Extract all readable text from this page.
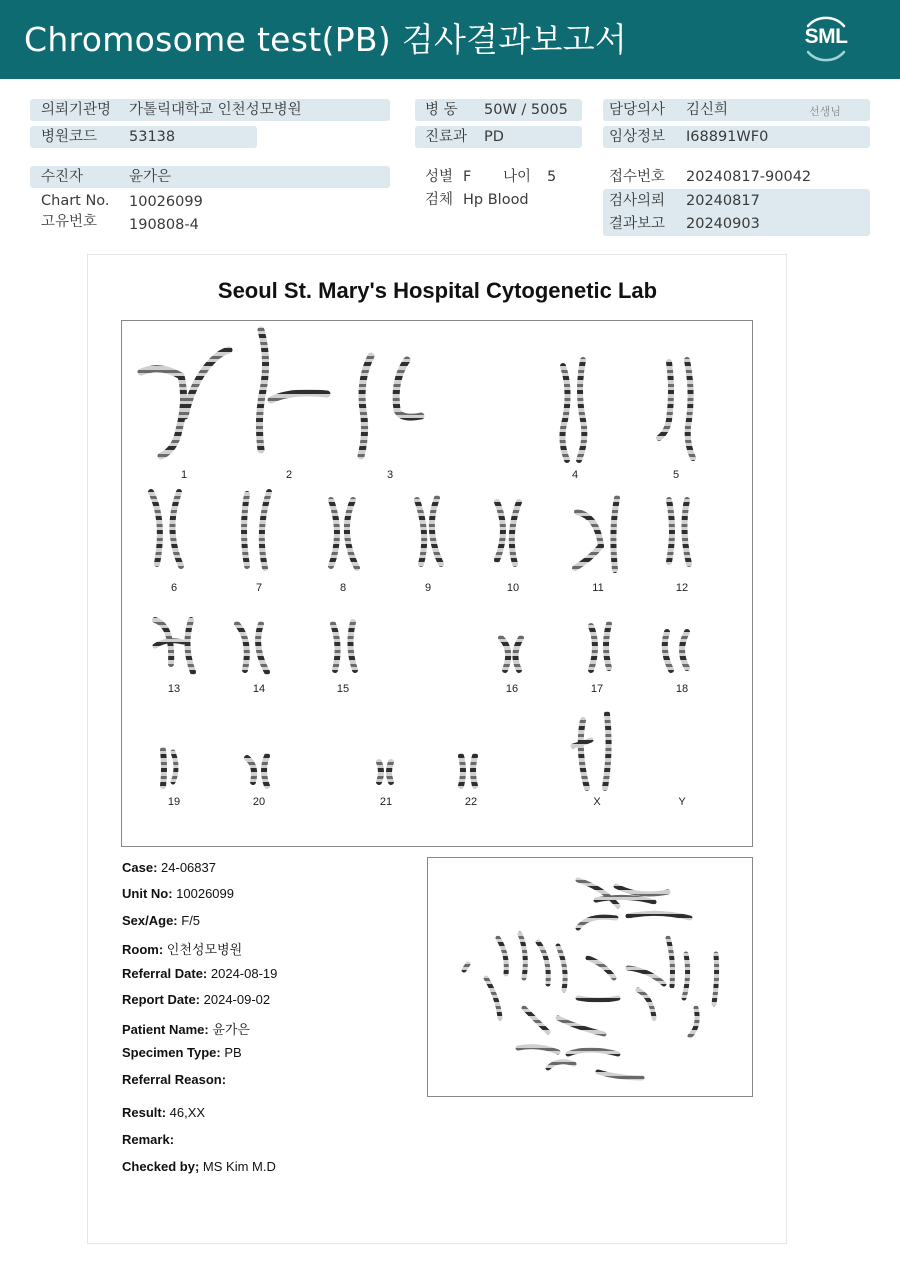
Chromosome test(PB) 검사결과보고서	SML
의뢰기관명 가톨릭대학교 인천성모병원
병원코드 53138
병 동 50W / 5005
진료과 PD
담당의사 김신희	선생님
임상정보 I68891WF0
수진자	윤가은
Chart No. 10026099
고유번호 190808-4
성별 F 나이 5
검체 Hp Blood
접수번호 20240817-90042
검사의뢰 20240817
결과보고 20240903
Seoul St. Mary's Hospital Cytogenetic Lab
1	2	3	4	5
6	7	8	9	10	11	12
13	14	15	16	17	18
19	20	21	22	X	Y
Case: 24-06837
Unit No: 10026099
Sex/Age: F/5
Room: 인천성모병원
Referral Date: 2024-08-19
Report Date: 2024-09-02
Patient Name: 윤가은
Specimen Type: PB
Referral Reason:
Result: 46,XX
Remark:
Checked by; MS Kim M.D
